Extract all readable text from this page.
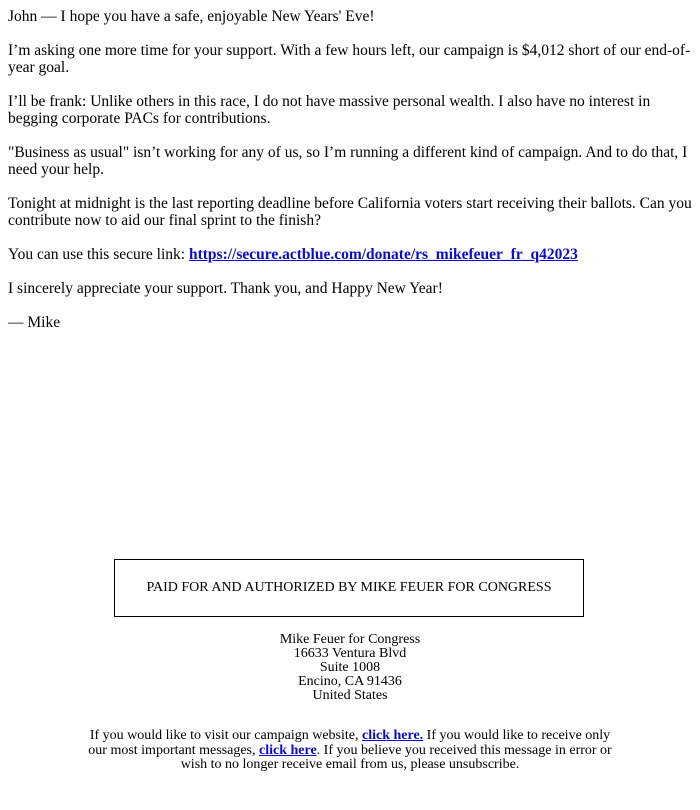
John — I hope you have a safe, enjoyable New Years' Eve!

I’m asking one more time for your support. With a few hours left, our campaign is $4,012 short of our end-of-year goal.

I’ll be frank: Unlike others in this race, I do not have massive personal wealth. I also have no interest in begging corporate PACs for contributions.

"Business as usual" isn’t working for any of us, so I’m running a different kind of campaign. And to do that, I need your help.

Tonight at midnight is the last reporting deadline before California voters start receiving their ballots. Can you contribute now to aid our final sprint to the finish?

You can use this secure link: https://secure.actblue.com/donate/rs_mikefeuer_fr_q42023

I sincerely appreciate your support. Thank you, and Happy New Year!

— Mike

PAID FOR AND AUTHORIZED BY MIKE FEUER FOR CONGRESS
Mike Feuer for Congress
16633 Ventura Blvd
Suite 1008
Encino, CA 91436
United States
If you would like to visit our campaign website, click here. If you would like to receive only our most important messages, click here. If you believe you received this message in error or wish to no longer receive email from us, please unsubscribe.
